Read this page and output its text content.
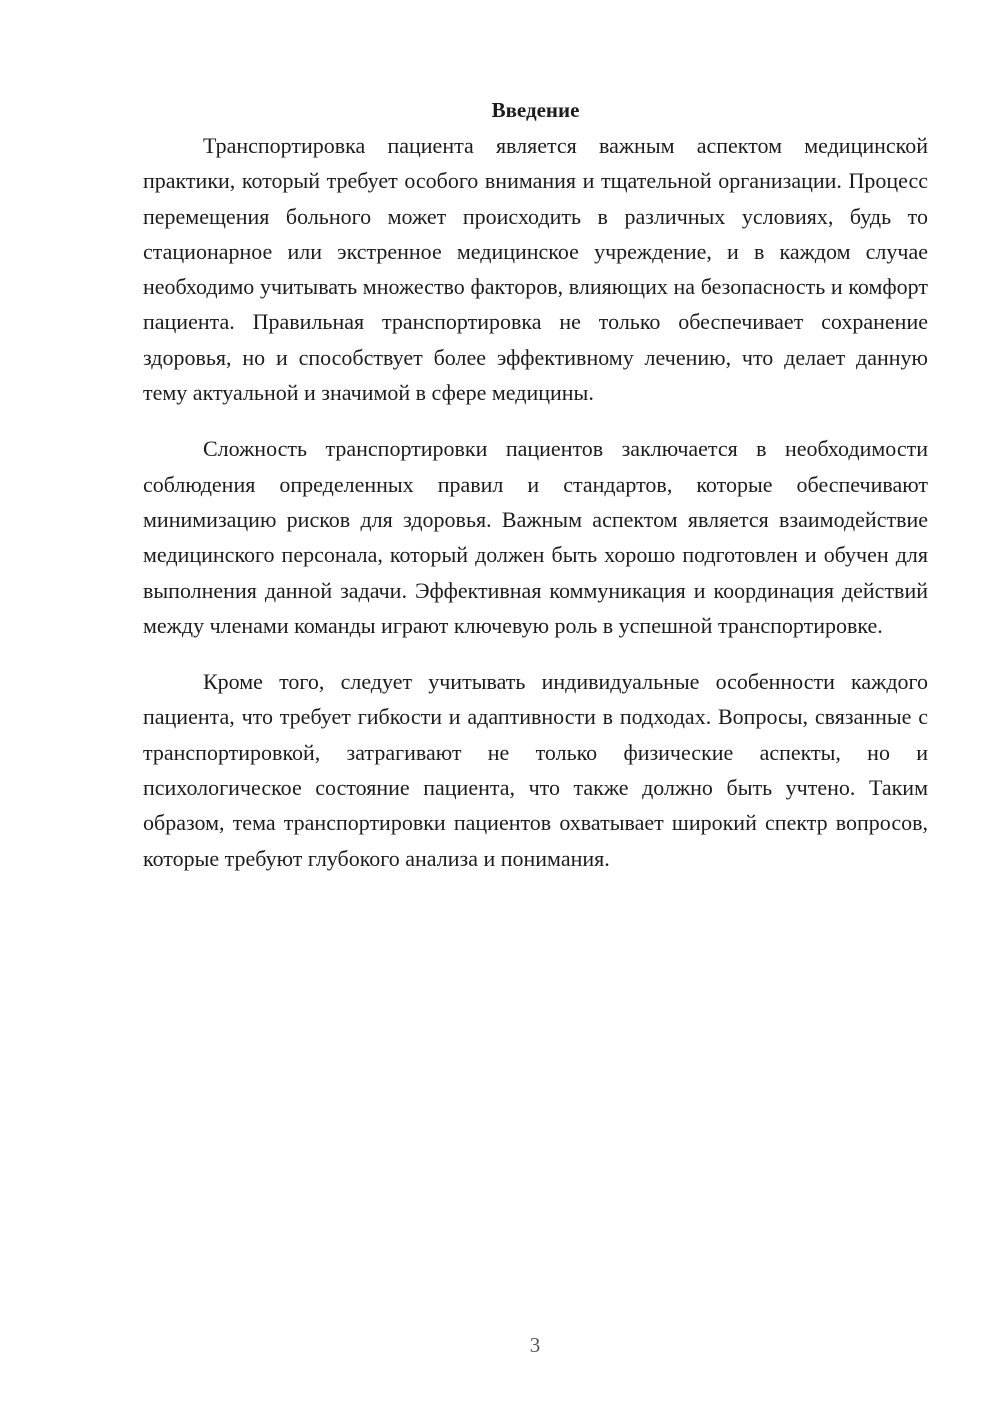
Введение

Транспортировка пациента является важным аспектом медицинской практики, который требует особого внимания и тщательной организации. Процесс перемещения больного может происходить в различных условиях, будь то стационарное или экстренное медицинское учреждение, и в каждом случае необходимо учитывать множество факторов, влияющих на безопасность и комфорт пациента. Правильная транспортировка не только обеспечивает сохранение здоровья, но и способствует более эффективному лечению, что делает данную тему актуальной и значимой в сфере медицины.

Сложность транспортировки пациентов заключается в необходимости соблюдения определенных правил и стандартов, которые обеспечивают минимизацию рисков для здоровья. Важным аспектом является взаимодействие медицинского персонала, который должен быть хорошо подготовлен и обучен для выполнения данной задачи. Эффективная коммуникация и координация действий между членами команды играют ключевую роль в успешной транспортировке.

Кроме того, следует учитывать индивидуальные особенности каждого пациента, что требует гибкости и адаптивности в подходах. Вопросы, связанные с транспортировкой, затрагивают не только физические аспекты, но и психологическое состояние пациента, что также должно быть учтено. Таким образом, тема транспортировки пациентов охватывает широкий спектр вопросов, которые требуют глубокого анализа и понимания.

3
